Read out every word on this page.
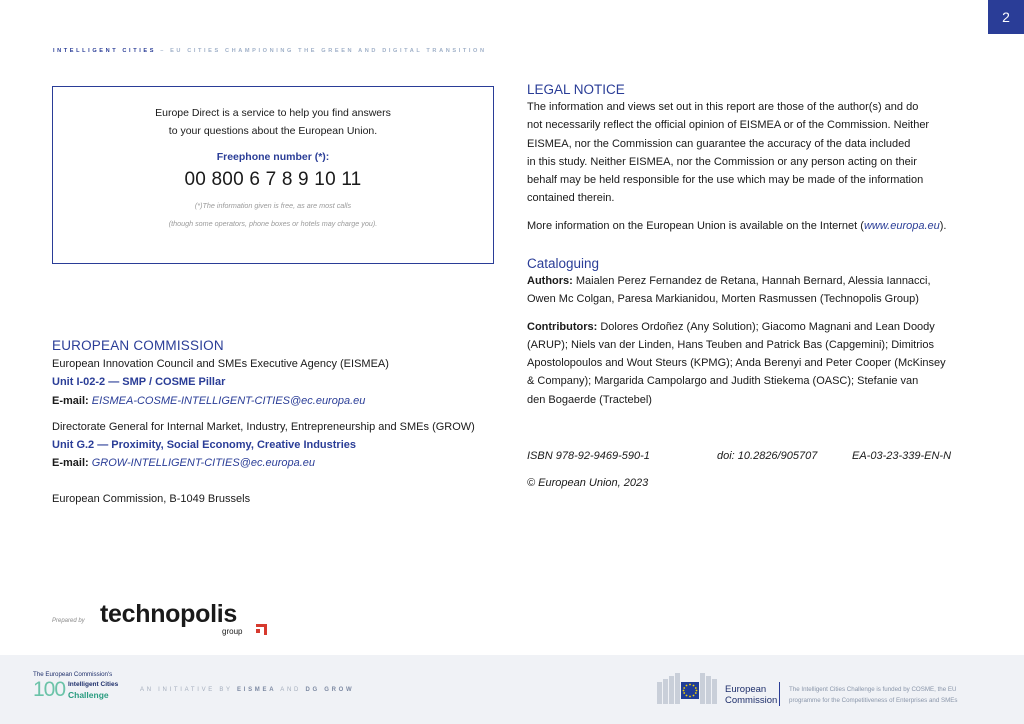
2
INTELLIGENT CITIES – EU CITIES CHAMPIONING THE GREEN AND DIGITAL TRANSITION
Europe Direct is a service to help you find answers
to your questions about the European Union.
Freephone number (*):
00 800 6 7 8 9 10 11
(*)The information given is free, as are most calls
(though some operators, phone boxes or hotels may charge you).
EUROPEAN COMMISSION
European Innovation Council and SMEs Executive Agency (EISMEA)
Unit I-02-2 — SMP / COSME Pillar
E-mail: EISMEA-COSME-INTELLIGENT-CITIES@ec.europa.eu
Directorate General for Internal Market, Industry, Entrepreneurship and SMEs (GROW)
Unit G.2 — Proximity, Social Economy, Creative Industries
E-mail: GROW-INTELLIGENT-CITIES@ec.europa.eu
European Commission, B-1049 Brussels
LEGAL NOTICE
The information and views set out in this report are those of the author(s) and do
not necessarily reflect the official opinion of EISMEA or of the Commission. Neither
EISMEA, nor the Commission can guarantee the accuracy of the data included
in this study. Neither EISMEA, nor the Commission or any person acting on their
behalf may be held responsible for the use which may be made of the information
contained therein.
More information on the European Union is available on the Internet (www.europa.eu).
Cataloguing
Authors: Maialen Perez Fernandez de Retana, Hannah Bernard, Alessia Iannacci,
Owen Mc Colgan, Paresa Markianidou, Morten Rasmussen (Technopolis Group)
Contributors: Dolores Ordoñez (Any Solution); Giacomo Magnani and Lean Doody
(ARUP); Niels van der Linden, Hans Teuben and Patrick Bas (Capgemini); Dimitrios
Apostolopoulos and Wout Steurs (KPMG); Anda Berenyi and Peter Cooper (McKinsey
& Company); Margarida Campolargo and Judith Stiekema (OASC); Stefanie van
den Bogaerde (Tractebel)
ISBN 978-92-9469-590-1	doi: 10.2826/905707	EA-03-23-339-EN-N
© European Union, 2023
Prepared by technopolis
group
The European Commission's
100 Intelligent Cities
Challenge	AN INITIATIVE BY EISMEA AND DG GROW	European
Commission
The Intelligent Cities Challenge is funded by COSME, the EU
programme for the Competitiveness of Enterprises and SMEs
